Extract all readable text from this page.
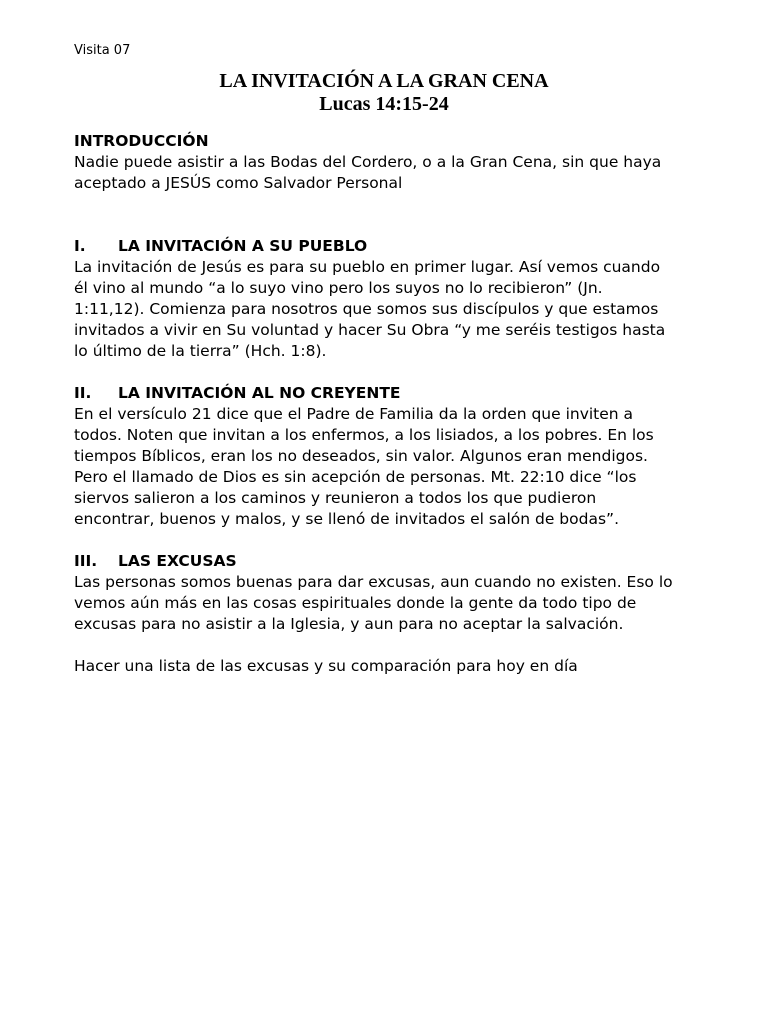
Visita 07
LA INVITACIÓN A LA GRAN CENA
Lucas 14:15-24
INTRODUCCIÓN
Nadie puede asistir a las Bodas del Cordero, o a la Gran Cena, sin que haya
aceptado a JESÚS como Salvador Personal
I. LA INVITACIÓN A SU PUEBLO
La invitación de Jesús es para su pueblo en primer lugar. Así vemos cuando
él vino al mundo “a lo suyo vino pero los suyos no lo recibieron” (Jn.
1:11,12). Comienza para nosotros que somos sus discípulos y que estamos
invitados a vivir en Su voluntad y hacer Su Obra “y me seréis testigos hasta
lo último de la tierra” (Hch. 1:8).
II. LA INVITACIÓN AL NO CREYENTE
En el versículo 21 dice que el Padre de Familia da la orden que inviten a
todos. Noten que invitan a los enfermos, a los lisiados, a los pobres. En los
tiempos Bíblicos, eran los no deseados, sin valor. Algunos eran mendigos.
Pero el llamado de Dios es sin acepción de personas. Mt. 22:10 dice “los
siervos salieron a los caminos y reunieron a todos los que pudieron
encontrar, buenos y malos, y se llenó de invitados el salón de bodas”.
III. LAS EXCUSAS
Las personas somos buenas para dar excusas, aun cuando no existen. Eso lo
vemos aún más en las cosas espirituales donde la gente da todo tipo de
excusas para no asistir a la Iglesia, y aun para no aceptar la salvación.
Hacer una lista de las excusas y su comparación para hoy en día
